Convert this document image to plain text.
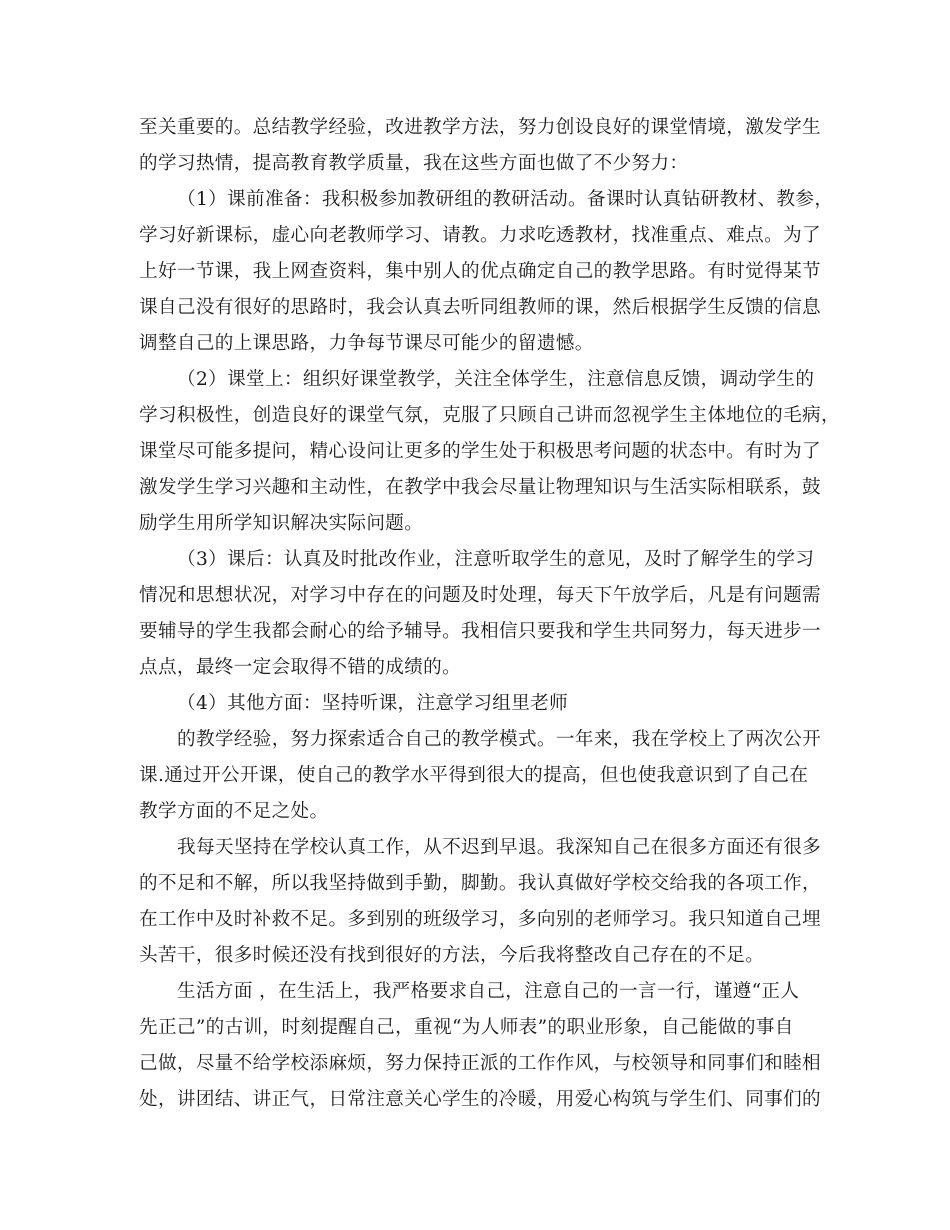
至关重要的。总结教学经验，改进教学方法，努力创设良好的课堂情境，激发学生

的学习热情，提高教育教学质量，我在这些方面也做了不少努力：

（1）课前准备：我积极参加教研组的教研活动。备课时认真钻研教材、教参，

学习好新课标，虚心向老教师学习、请教。力求吃透教材，找准重点、难点。为了

上好一节课，我上网查资料，集中别人的优点确定自己的教学思路。有时觉得某节

课自己没有很好的思路时，我会认真去听同组教师的课，然后根据学生反馈的信息

调整自己的上课思路，力争每节课尽可能少的留遗憾。

（2）课堂上：组织好课堂教学，关注全体学生，注意信息反馈，调动学生的

学习积极性，创造良好的课堂气氛，克服了只顾自己讲而忽视学生主体地位的毛病，

课堂尽可能多提问，精心设问让更多的学生处于积极思考问题的状态中。有时为了

激发学生学习兴趣和主动性，在教学中我会尽量让物理知识与生活实际相联系，鼓

励学生用所学知识解决实际问题。

（3）课后：认真及时批改作业，注意听取学生的意见，及时了解学生的学习

情况和思想状况，对学习中存在的问题及时处理，每天下午放学后，凡是有问题需

要辅导的学生我都会耐心的给予辅导。我相信只要我和学生共同努力，每天进步一

点点，最终一定会取得不错的成绩的。

（4）其他方面：坚持听课，注意学习组里老师

的教学经验，努力探索适合自己的教学模式。一年来，我在学校上了两次公开

课.通过开公开课，使自己的教学水平得到很大的提高，但也使我意识到了自己在

教学方面的不足之处。

我每天坚持在学校认真工作，从不迟到早退。我深知自己在很多方面还有很多

的不足和不解，所以我坚持做到手勤，脚勤。我认真做好学校交给我的各项工作，

在工作中及时补救不足。多到别的班级学习，多向别的老师学习。我只知道自己埋

头苦干，很多时候还没有找到很好的方法，今后我将整改自己存在的不足。

生活方面 ，在生活上，我严格要求自己，注意自己的一言一行，谨遵“正人

先正己”的古训，时刻提醒自己，重视“为人师表”的职业形象，自己能做的事自

己做，尽量不给学校添麻烦，努力保持正派的工作作风，与校领导和同事们和睦相

处，讲团结、讲正气，日常注意关心学生的冷暖，用爱心构筑与学生们、同事们的
